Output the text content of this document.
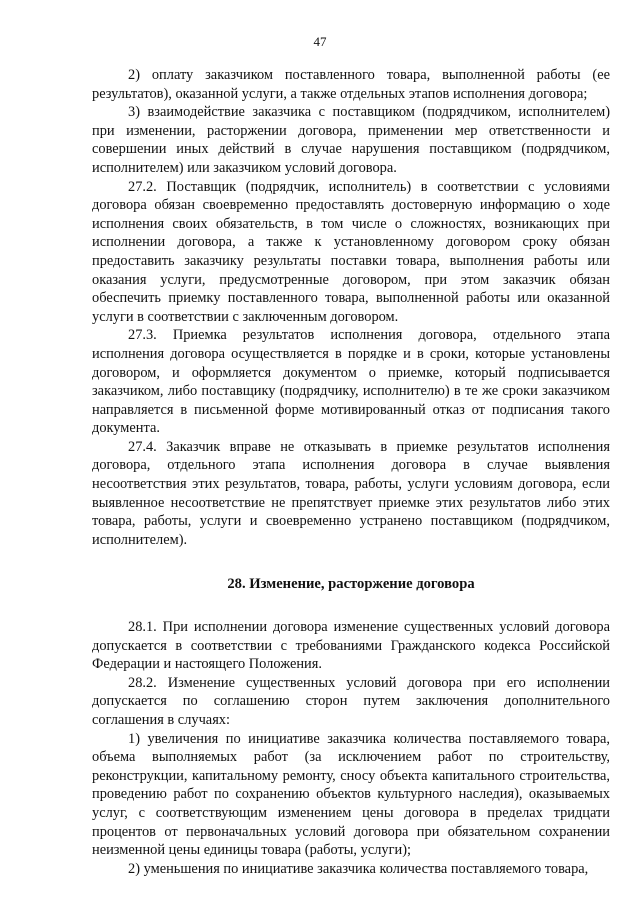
47

2) оплату заказчиком поставленного товара, выполненной работы (ее результатов), оказанной услуги, а также отдельных этапов исполнения договора;

3) взаимодействие заказчика с поставщиком (подрядчиком, исполнителем) при изменении, расторжении договора, применении мер ответственности и совершении иных действий в случае нарушения поставщиком (подрядчиком, исполнителем) или заказчиком условий договора.

27.2. Поставщик (подрядчик, исполнитель) в соответствии с условиями договора обязан своевременно предоставлять достоверную информацию о ходе исполнения своих обязательств, в том числе о сложностях, возникающих при исполнении договора, а также к установленному договором сроку обязан предоставить заказчику результаты поставки товара, выполнения работы или оказания услуги, предусмотренные договором, при этом заказчик обязан обеспечить приемку поставленного товара, выполненной работы или оказанной услуги в соответствии с заключенным договором.

27.3. Приемка результатов исполнения договора, отдельного этапа исполнения договора осуществляется в порядке и в сроки, которые установлены договором, и оформляется документом о приемке, который подписывается заказчиком, либо поставщику (подрядчику, исполнителю) в те же сроки заказчиком направляется в письменной форме мотивированный отказ от подписания такого документа.

27.4. Заказчик вправе не отказывать в приемке результатов исполнения договора, отдельного этапа исполнения договора в случае выявления несоответствия этих результатов, товара, работы, услуги условиям договора, если выявленное несоответствие не препятствует приемке этих результатов либо этих товара, работы, услуги и своевременно устранено поставщиком (подрядчиком, исполнителем).

28. Изменение, расторжение договора

28.1. При исполнении договора изменение существенных условий договора допускается в соответствии с требованиями Гражданского кодекса Российской Федерации и настоящего Положения.

28.2. Изменение существенных условий договора при его исполнении допускается по соглашению сторон путем заключения дополнительного соглашения в случаях:

1) увеличения по инициативе заказчика количества поставляемого товара, объема выполняемых работ (за исключением работ по строительству, реконструкции, капитальному ремонту, сносу объекта капитального строительства, проведению работ по сохранению объектов культурного наследия), оказываемых услуг, с соответствующим изменением цены договора в пределах тридцати процентов от первоначальных условий договора при обязательном сохранении неизменной цены единицы товара (работы, услуги);

2) уменьшения по инициативе заказчика количества поставляемого товара,
